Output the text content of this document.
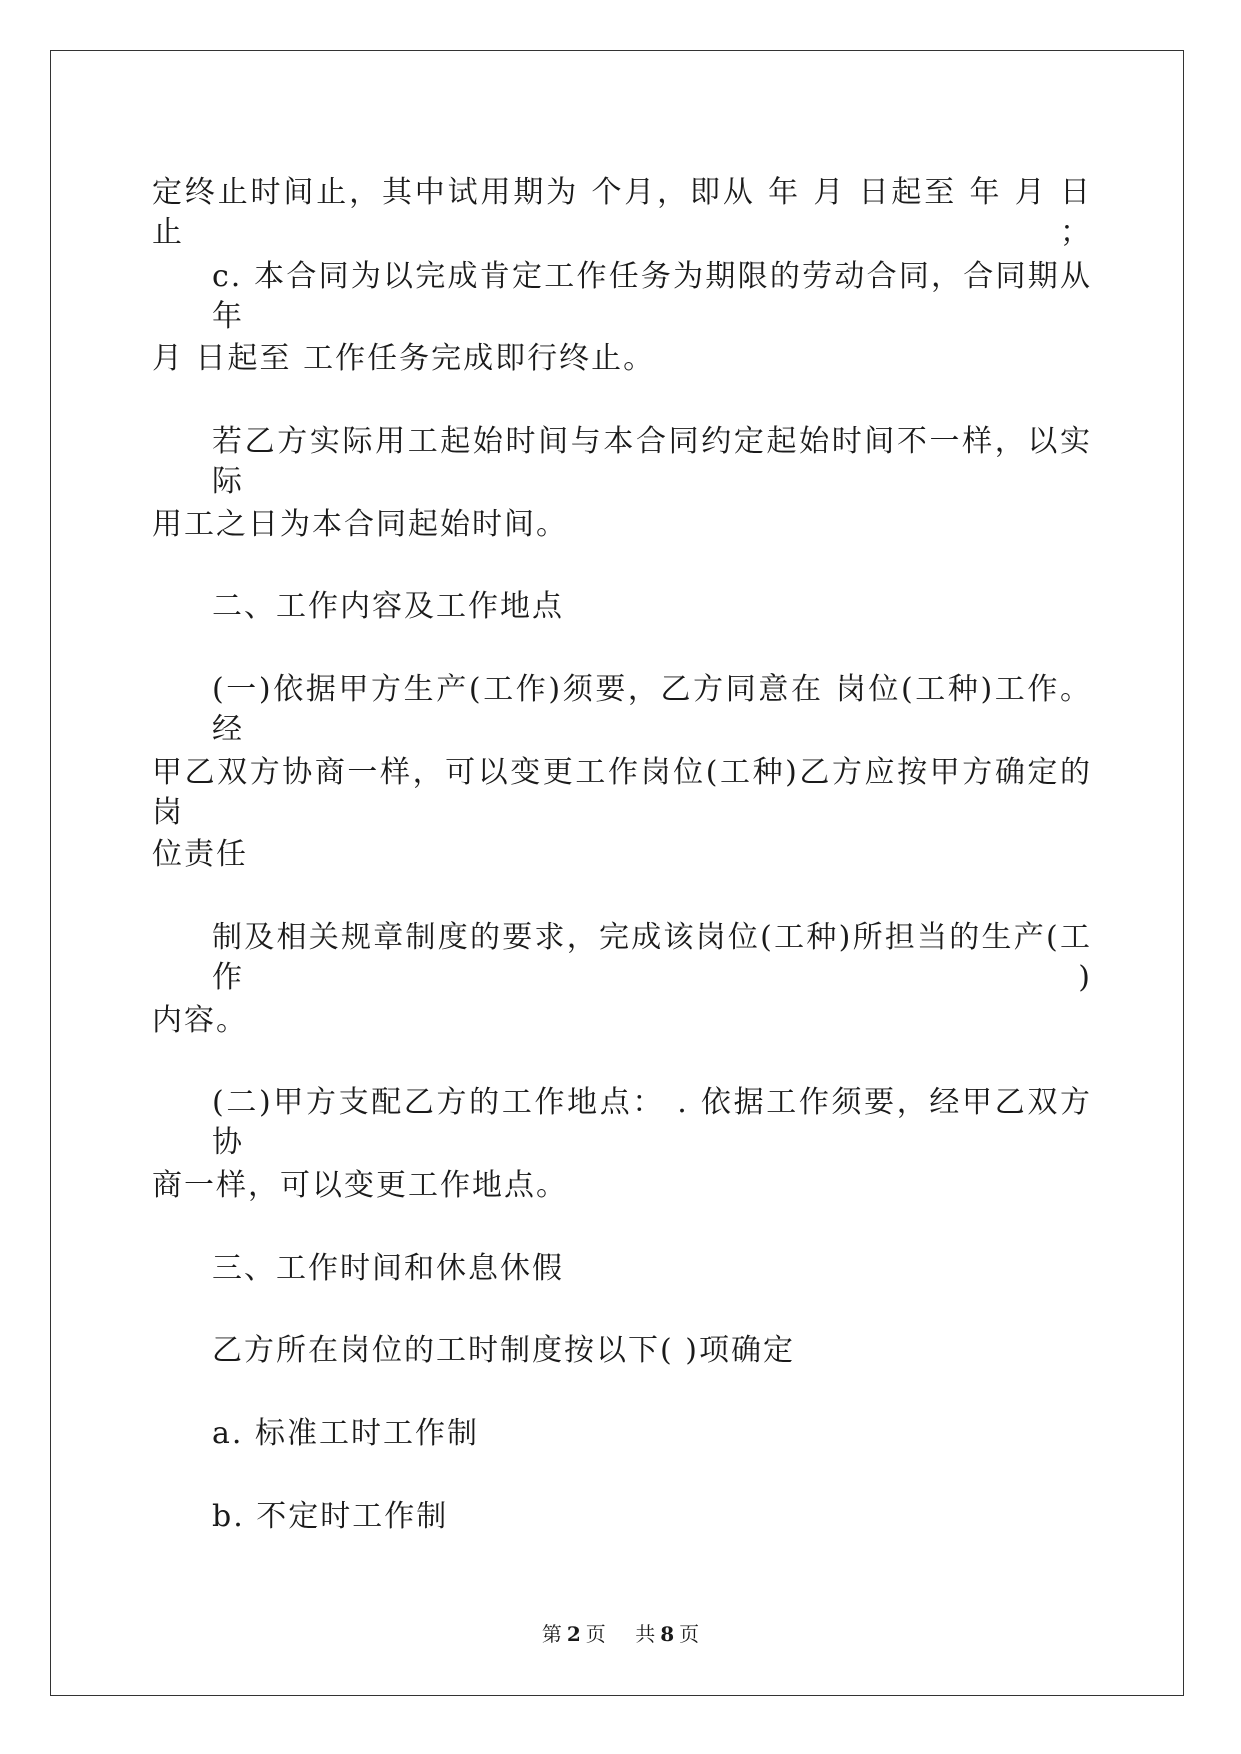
定终止时间止，其中试用期为 个月，即从 年 月 日起至 年 月 日止；
c. 本合同为以完成肯定工作任务为期限的劳动合同，合同期从 年
月 日起至 工作任务完成即行终止。
若乙方实际用工起始时间与本合同约定起始时间不一样，以实际
用工之日为本合同起始时间。
二、工作内容及工作地点
(一)依据甲方生产(工作)须要，乙方同意在 岗位(工种)工作。经
甲乙双方协商一样，可以变更工作岗位(工种)乙方应按甲方确定的岗
位责任
制及相关规章制度的要求，完成该岗位(工种)所担当的生产(工作)
内容。
(二)甲方支配乙方的工作地点： . 依据工作须要，经甲乙双方协
商一样，可以变更工作地点。
三、工作时间和休息休假
乙方所在岗位的工时制度按以下( )项确定
a. 标准工时工作制
b. 不定时工作制
第 2 页 共 8 页
